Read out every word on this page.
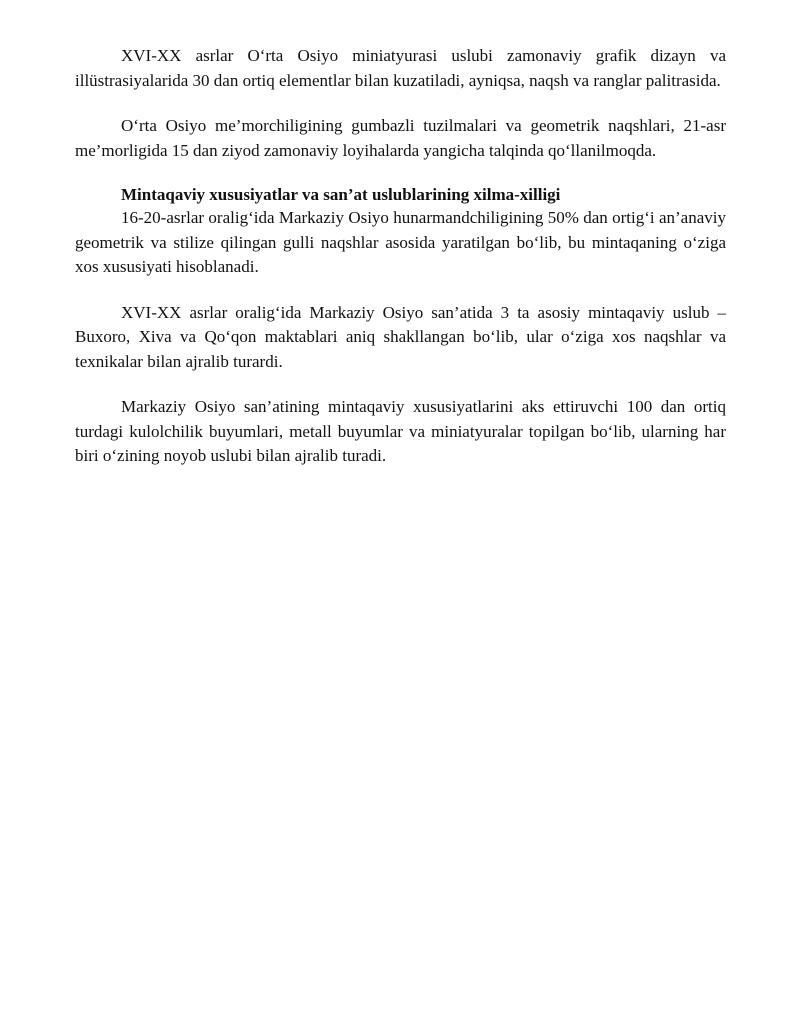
XVI-XX asrlar O‘rta Osiyo miniatyurasi uslubi zamonaviy grafik dizayn va illüstrasiyalarida 30 dan ortiq elementlar bilan kuzatiladi, ayniqsa, naqsh va ranglar palitrasida.

O‘rta Osiyo me’morchiligining gumbazli tuzilmalari va geometrik naqshlari, 21-asr me’morligida 15 dan ziyod zamonaviy loyihalarda yangicha talqinda qo‘llanilmoqda.

Mintaqaviy xususiyatlar va san’at uslublarining xilma-xilligi

16-20-asrlar oralig‘ida Markaziy Osiyo hunarmandchiligining 50% dan ortig‘i an’anaviy geometrik va stilize qilingan gulli naqshlar asosida yaratilgan bo‘lib, bu mintaqaning o‘ziga xos xususiyati hisoblanadi.

XVI-XX asrlar oralig‘ida Markaziy Osiyo san’atida 3 ta asosiy mintaqaviy uslub – Buxoro, Xiva va Qo‘qon maktablari aniq shakllangan bo‘lib, ular o‘ziga xos naqshlar va texnikalar bilan ajralib turardi.

Markaziy Osiyo san’atining mintaqaviy xususiyatlarini aks ettiruvchi 100 dan ortiq turdagi kulolchilik buyumlari, metall buyumlar va miniatyuralar topilgan bo‘lib, ularning har biri o‘zining noyob uslubi bilan ajralib turadi.
